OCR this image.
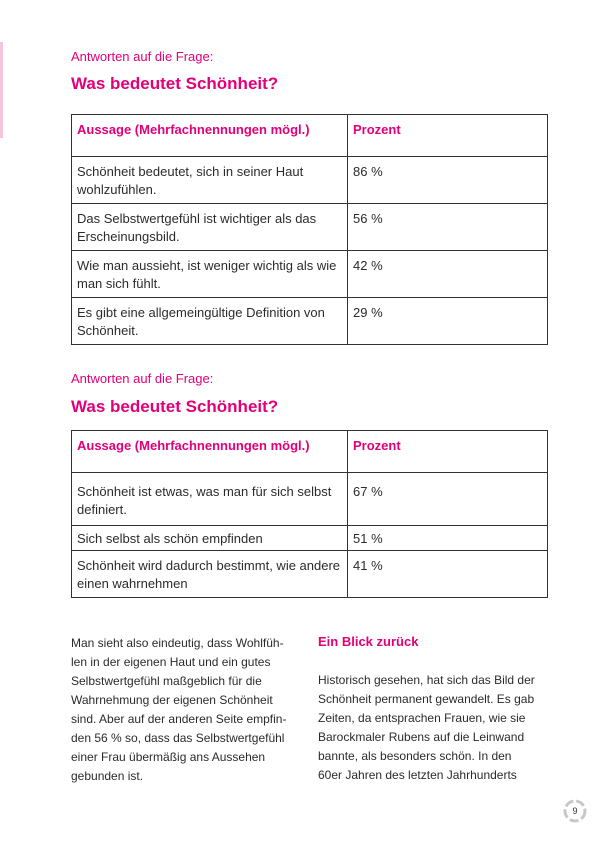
Antworten auf die Frage:
Was bedeutet Schönheit?
Aussage (Mehrfachnennungen mögl.)	Prozent
Schönheit bedeutet, sich in seiner Haut wohlzufühlen.	86 %
Das Selbstwertgefühl ist wichtiger als das Erscheinungsbild.	56 %
Wie man aussieht, ist weniger wichtig als wie man sich fühlt.	42 %
Es gibt eine allgemeingültige Definition von Schönheit.	29 %
Antworten auf die Frage:
Was bedeutet Schönheit?
Aussage (Mehrfachnennungen mögl.)	Prozent
Schönheit ist etwas, was man für sich selbst definiert.	67 %
Sich selbst als schön empfinden	51 %
Schönheit wird dadurch bestimmt, wie andere einen wahrnehmen	41 %
Man sieht also eindeutig, dass Wohlfüh-
len in der eigenen Haut und ein gutes
Selbstwertgefühl maßgeblich für die
Wahrnehmung der eigenen Schönheit
sind. Aber auf der anderen Seite empfin-
den 56 % so, dass das Selbstwertgefühl
einer Frau übermäßig ans Aussehen
gebunden ist.
Ein Blick zurück
Historisch gesehen, hat sich das Bild der
Schönheit permanent gewandelt. Es gab
Zeiten, da entsprachen Frauen, wie sie
Barockmaler Rubens auf die Leinwand
bannte, als besonders schön. In den
60er Jahren des letzten Jahrhunderts
9
